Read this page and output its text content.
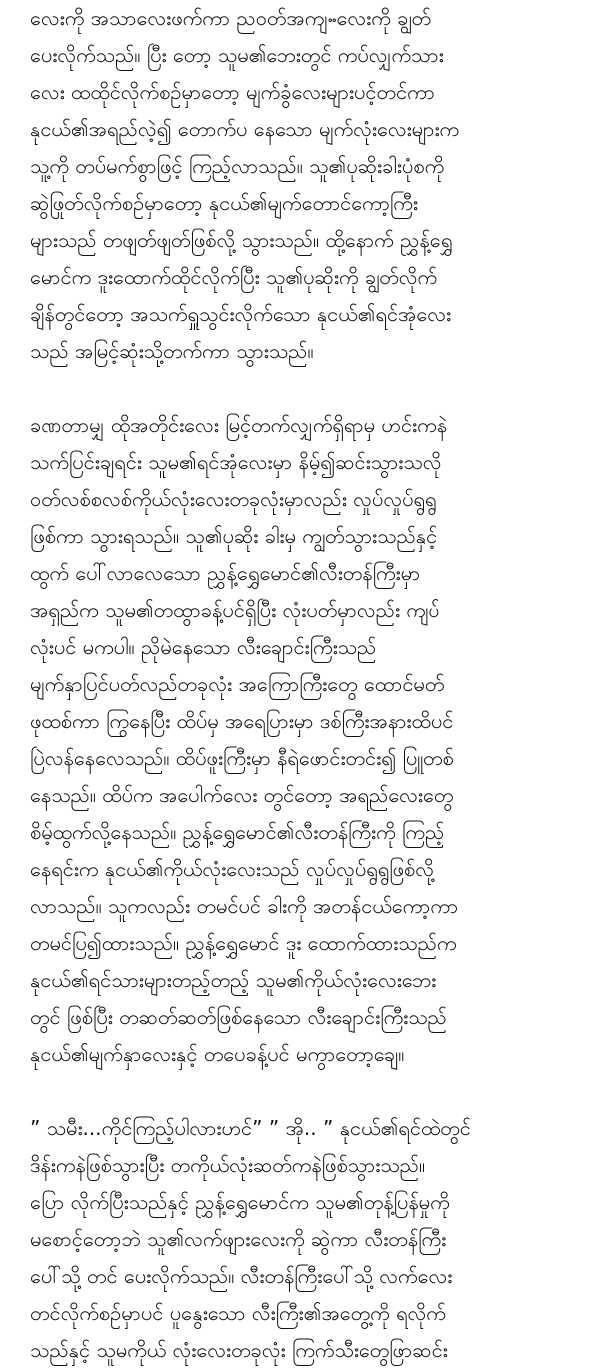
လေးကို အသာလေးဖက်ကာ ညဝတ်အကျႌလေးကို ချွတ်
ပေးလိုက်သည်။ ပြီး တော့ သူမ၏ဘေးတွင် ကပ်လျှက်သား
လေး ထထိုင်လိုက်စဉ်မှာတော့ မျက်ခွံလေးများပင့်တင်ကာ
နုငယ်၏အရည်လဲ့၍ တောက်ပ နေသော မျက်လုံးလေးများက
သူ့ကို တပ်မက်စွာဖြင့် ကြည့်လာသည်။ သူ၏ပုဆိုးခါးပုံစကို
ဆွဲဖြုတ်လိုက်စဉ်မှာတော့ နုငယ်၏မျက်တောင်ကော့ကြီး
များသည် တဖျတ်ဖျတ်ဖြစ်လို့ သွားသည်။ ထို့နောက် ညွှန့်ရွှေ
မောင်က ဒူးထောက်ထိုင်လိုက်ပြီး သူ၏ပုဆိုးကို ချွတ်လိုက်
ချိန်တွင်တော့ အသက်ရှူသွင်းလိုက်သော နုငယ်၏ရင်အုံလေး
သည် အမြင့်ဆုံးသို့တက်ကာ သွားသည်။
ခဏတာမျှ ထိုအတိုင်းလေး မြင့်တက်လျှက်ရှိရာမှ ဟင်းကနဲ
သက်ပြင်းချရင်း သူမ၏ရင်အုံလေးမှာ နိမ့်၍ဆင်းသွားသလို
ဝတ်လစ်စလစ်ကိုယ်လုံးလေးတခုလုံးမှာလည်း လှုပ်လှုပ်ရွရွ
ဖြစ်ကာ သွားရသည်။ သူ၏ပုဆိုး ခါးမှ ကျွတ်သွားသည်နှင့်
ထွက် ပေါ်လာလေသော ညွှန့်ရွှေမောင်၏လီးတန်ကြီးမှာ
အရှည်က သူမ၏တထွာခန့်ပင်ရှိပြီး လုံးပတ်မှာလည်း ကျပ်
လုံးပင် မကပါ။ ညိုမဲနေသော လီးချောင်းကြီးသည်
မျက်နှာပြင်ပတ်လည်တခုလုံး အကြောကြီးတွေ ထောင်မတ်
ဖုထစ်ကာ ကြွနေပြီး ထိပ်မှ အရေပြားမှာ ဒစ်ကြီးအနားထိပင်
ပြဲလန်နေလေသည်။ ထိပ်ဖူးကြီးမှာ နီရဲဖောင်းတင်း၍ ပြူတစ်
နေသည်။ ထိပ်က အပေါက်လေး တွင်တော့ အရည်လေးတွေ
စိမ့်ထွက်လို့နေသည်။ ညွှန့်ရွှေမောင်၏လီးတန်ကြီးကို ကြည့်
နေရင်းက နုငယ်၏ကိုယ်လုံးလေးသည် လှုပ်လှုပ်ရွရွဖြစ်လို့
လာသည်။ သူကလည်း တမင်ပင် ခါးကို အတန်ငယ်ကော့ကာ
တမင်ပြ၍ထားသည်။ ညွှန့်ရွှေမောင် ဒူး ထောက်ထားသည်က
နုငယ်၏ရင်သားများတည့်တည့် သူမ၏ကိုယ်လုံးလေးဘေး
တွင် ဖြစ်ပြီး တဆတ်ဆတ်ဖြစ်နေသော လီးချောင်းကြီးသည်
နုငယ်၏မျက်နှာလေးနှင့် တပေခန့်ပင် မကွာတော့ချေ။
” သမီး...ကိုင်ကြည့်ပါလားဟင်” ” အို.. ” နုငယ်၏ရင်ထဲတွင်
ဒိန်းကနဲဖြစ်သွားပြီး တကိုယ်လုံးဆတ်ကနဲဖြစ်သွားသည်။
ပြော လိုက်ပြီးသည်နှင့် ညွှန့်ရွှေမောင်က သူမ၏တုန့်ပြန်မှုကို
မစောင့်တော့ဘဲ သူ၏လက်ဖျားလေးကို ဆွဲကာ လီးတန်ကြီး
ပေါ်သို့ တင် ပေးလိုက်သည်။ လီးတန်ကြီးပေါ်သို့ လက်လေး
တင်လိုက်စဉ်မှာပင် ပူနွေးသော လီးကြီး၏အတွေ့ကို ရလိုက်
သည်နှင့် သူမကိုယ် လုံးလေးတခုလုံး ကြက်သီးတွေဖြာဆင်း
